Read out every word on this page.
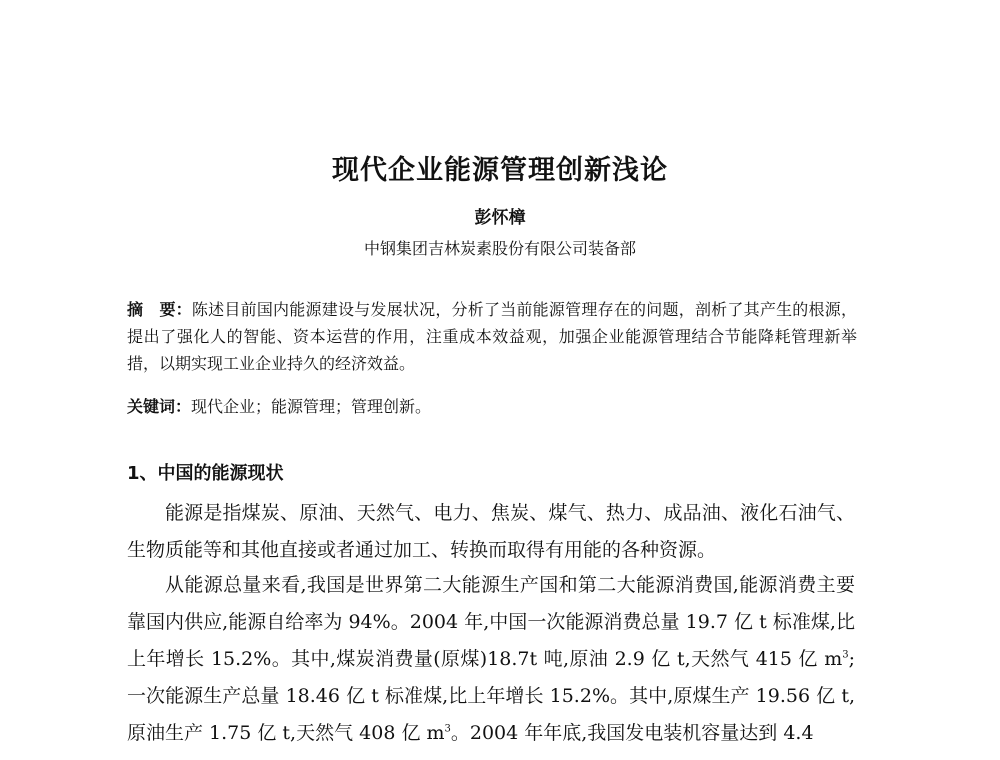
现代企业能源管理创新浅论
彭怀樟
中钢集团吉林炭素股份有限公司装备部
摘　要：陈述目前国内能源建设与发展状况，分析了当前能源管理存在的问题，剖析了其产生的根源，提出了强化人的智能、资本运营的作用，注重成本效益观，加强企业能源管理结合节能降耗管理新举措，以期实现工业企业持久的经济效益。
关键词：现代企业；能源管理；管理创新。
1、中国的能源现状

能源是指煤炭、原油、天然气、电力、焦炭、煤气、热力、成品油、液化石油气、生物质能等和其他直接或者通过加工、转换而取得有用能的各种资源。

从能源总量来看,我国是世界第二大能源生产国和第二大能源消费国,能源消费主要靠国内供应,能源自给率为 94%。2004 年,中国一次能源消费总量 19.7 亿 t 标准煤,比上年增长 15.2%。其中,煤炭消费量(原煤)18.7t 吨,原油 2.9 亿 t,天然气 415 亿 $m^3$;一次能源生产总量 18.46 亿 t 标准煤,比上年增长 15.2%。其中,原煤生产 19.56 亿 t,原油生产 1.75 亿 t,天然气 408 亿 $m^3$。2004 年年底,我国发电装机容量达到 4.4
